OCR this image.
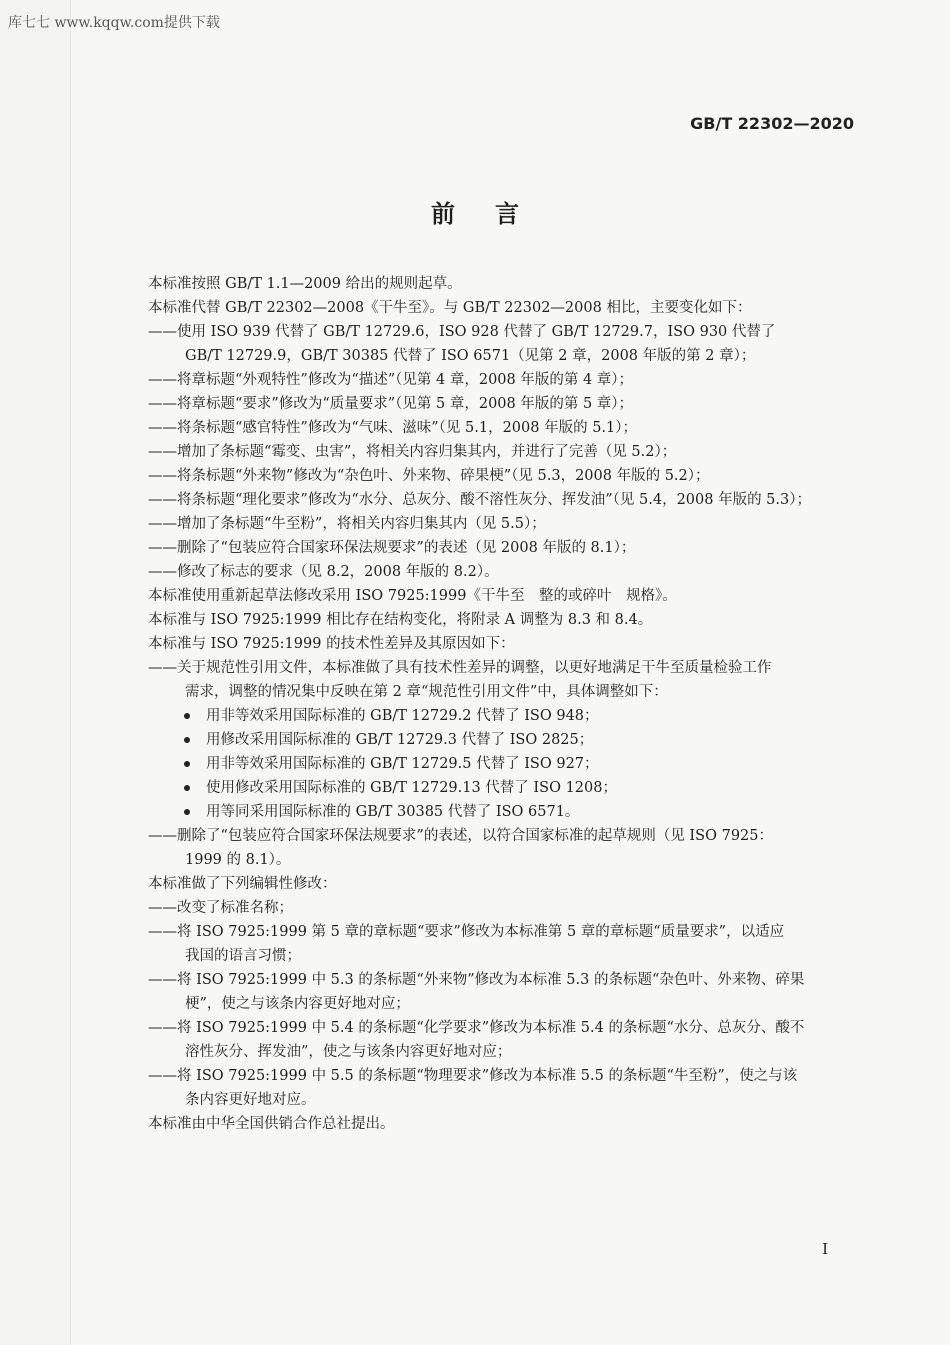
库七七 www.kqqw.com提供下载
GB/T 22302—2020
前言
本标准按照 GB/T 1.1—2009 给出的规则起草。
本标准代替 GB/T 22302—2008《干牛至》。与 GB/T 22302—2008 相比，主要变化如下：
——使用 ISO 939 代替了 GB/T 12729.6，ISO 928 代替了 GB/T 12729.7，ISO 930 代替了
GB/T 12729.9，GB/T 30385 代替了 ISO 6571（见第 2 章，2008 年版的第 2 章）；
——将章标题“外观特性”修改为“描述”（见第 4 章，2008 年版的第 4 章）；
——将章标题“要求”修改为“质量要求”（见第 5 章，2008 年版的第 5 章）；
——将条标题“感官特性”修改为“气味、滋味”（见 5.1，2008 年版的 5.1）；
——增加了条标题“霉变、虫害”，将相关内容归集其内，并进行了完善（见 5.2）；
——将条标题“外来物”修改为“杂色叶、外来物、碎果梗”（见 5.3，2008 年版的 5.2）；
——将条标题“理化要求”修改为“水分、总灰分、酸不溶性灰分、挥发油”（见 5.4，2008 年版的 5.3）；
——增加了条标题“牛至粉”，将相关内容归集其内（见 5.5）；
——删除了“包装应符合国家环保法规要求”的表述（见 2008 年版的 8.1）；
——修改了标志的要求（见 8.2，2008 年版的 8.2）。
本标准使用重新起草法修改采用 ISO 7925:1999《干牛至　整的或碎叶　规格》。
本标准与 ISO 7925:1999 相比存在结构变化，将附录 A 调整为 8.3 和 8.4。
本标准与 ISO 7925:1999 的技术性差异及其原因如下：
——关于规范性引用文件，本标准做了具有技术性差异的调整，以更好地满足干牛至质量检验工作
需求，调整的情况集中反映在第 2 章“规范性引用文件”中，具体调整如下：
用非等效采用国际标准的 GB/T 12729.2 代替了 ISO 948；
用修改采用国际标准的 GB/T 12729.3 代替了 ISO 2825；
用非等效采用国际标准的 GB/T 12729.5 代替了 ISO 927；
使用修改采用国际标准的 GB/T 12729.13 代替了 ISO 1208；
用等同采用国际标准的 GB/T 30385 代替了 ISO 6571。
——删除了“包装应符合国家环保法规要求”的表述，以符合国家标准的起草规则（见 ISO 7925：
1999 的 8.1）。
本标准做了下列编辑性修改：
——改变了标准名称；
——将 ISO 7925:1999 第 5 章的章标题“要求”修改为本标准第 5 章的章标题“质量要求”，以适应
我国的语言习惯；
——将 ISO 7925:1999 中 5.3 的条标题“外来物”修改为本标准 5.3 的条标题“杂色叶、外来物、碎果
梗”，使之与该条内容更好地对应；
——将 ISO 7925:1999 中 5.4 的条标题“化学要求”修改为本标准 5.4 的条标题“水分、总灰分、酸不
溶性灰分、挥发油”，使之与该条内容更好地对应；
——将 ISO 7925:1999 中 5.5 的条标题“物理要求”修改为本标准 5.5 的条标题“牛至粉”，使之与该
条内容更好地对应。
本标准由中华全国供销合作总社提出。
I
